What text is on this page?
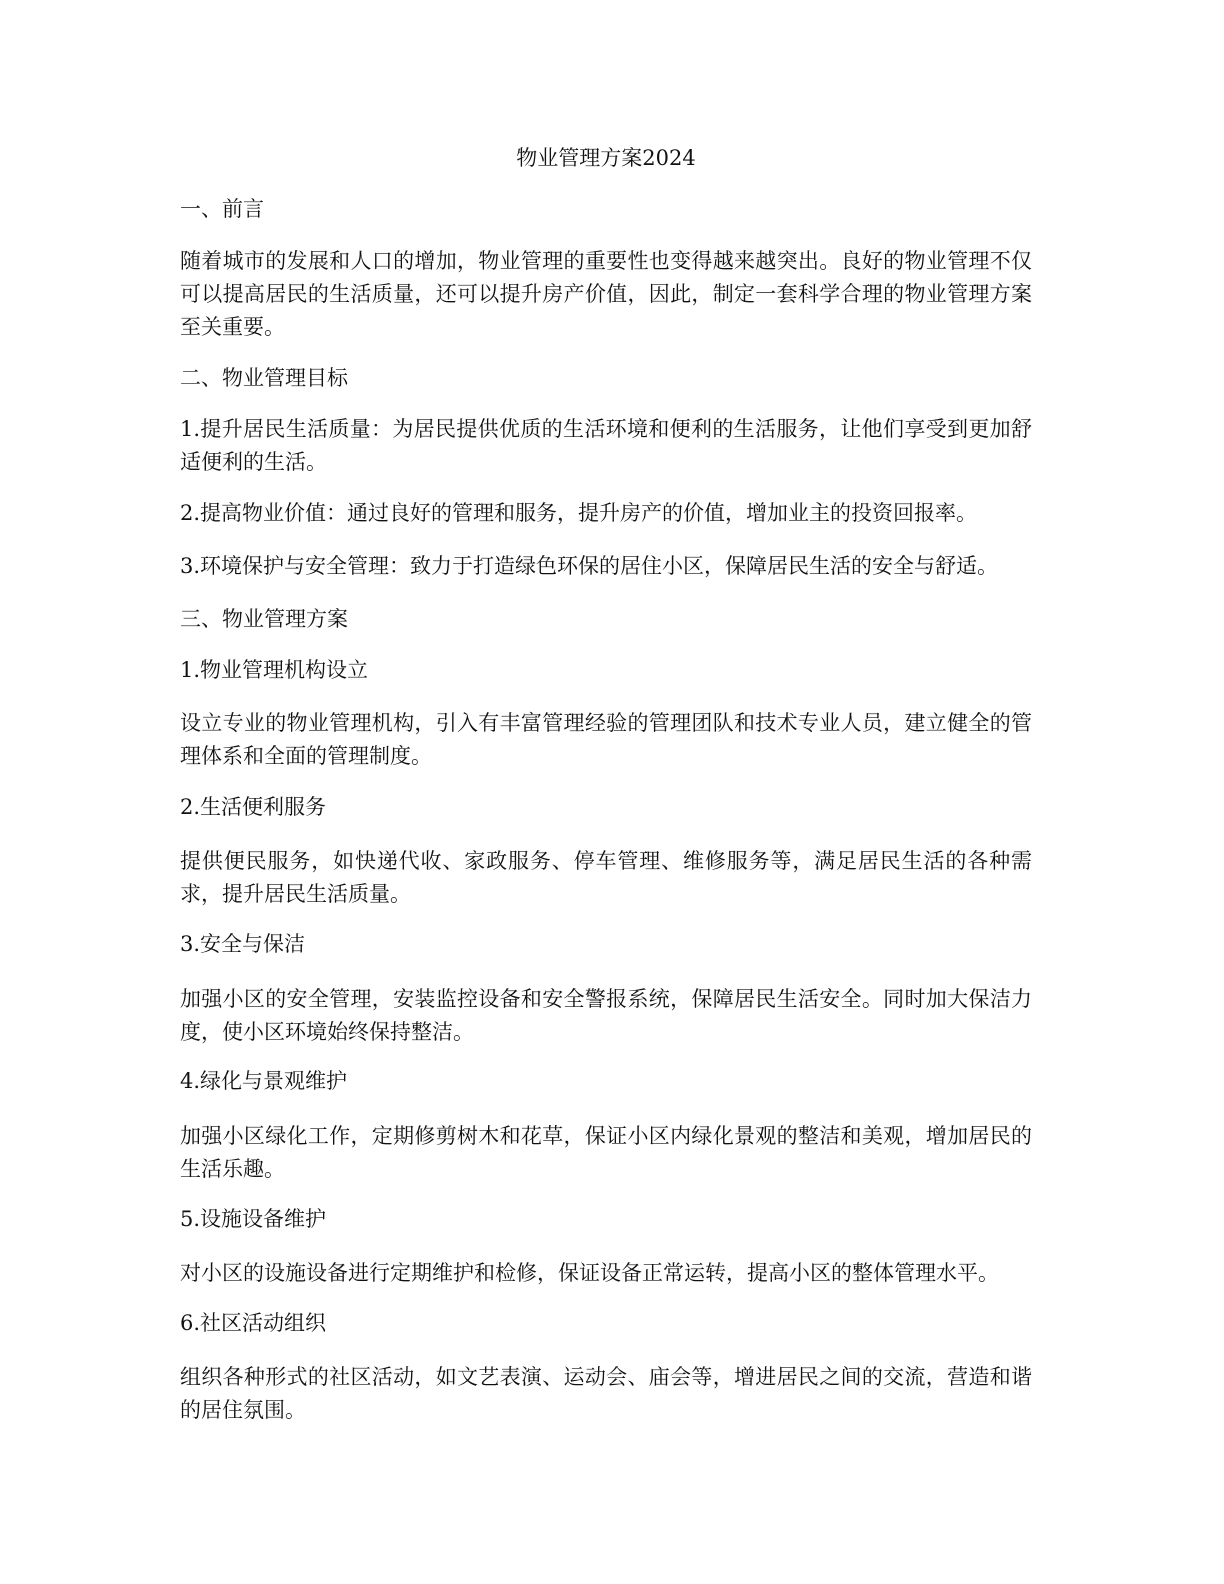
物业管理方案2024

一、前言

随着城市的发展和人口的增加，物业管理的重要性也变得越来越突出。良好的物业管理不仅可以提高居民的生活质量，还可以提升房产价值，因此，制定一套科学合理的物业管理方案至关重要。

二、物业管理目标

1.提升居民生活质量：为居民提供优质的生活环境和便利的生活服务，让他们享受到更加舒适便利的生活。

2.提高物业价值：通过良好的管理和服务，提升房产的价值，增加业主的投资回报率。

3.环境保护与安全管理：致力于打造绿色环保的居住小区，保障居民生活的安全与舒适。

三、物业管理方案

1.物业管理机构设立

设立专业的物业管理机构，引入有丰富管理经验的管理团队和技术专业人员，建立健全的管理体系和全面的管理制度。

2.生活便利服务

提供便民服务，如快递代收、家政服务、停车管理、维修服务等，满足居民生活的各种需求，提升居民生活质量。

3.安全与保洁

加强小区的安全管理，安装监控设备和安全警报系统，保障居民生活安全。同时加大保洁力度，使小区环境始终保持整洁。

4.绿化与景观维护

加强小区绿化工作，定期修剪树木和花草，保证小区内绿化景观的整洁和美观，增加居民的生活乐趣。

5.设施设备维护

对小区的设施设备进行定期维护和检修，保证设备正常运转，提高小区的整体管理水平。

6.社区活动组织

组织各种形式的社区活动，如文艺表演、运动会、庙会等，增进居民之间的交流，营造和谐的居住氛围。
